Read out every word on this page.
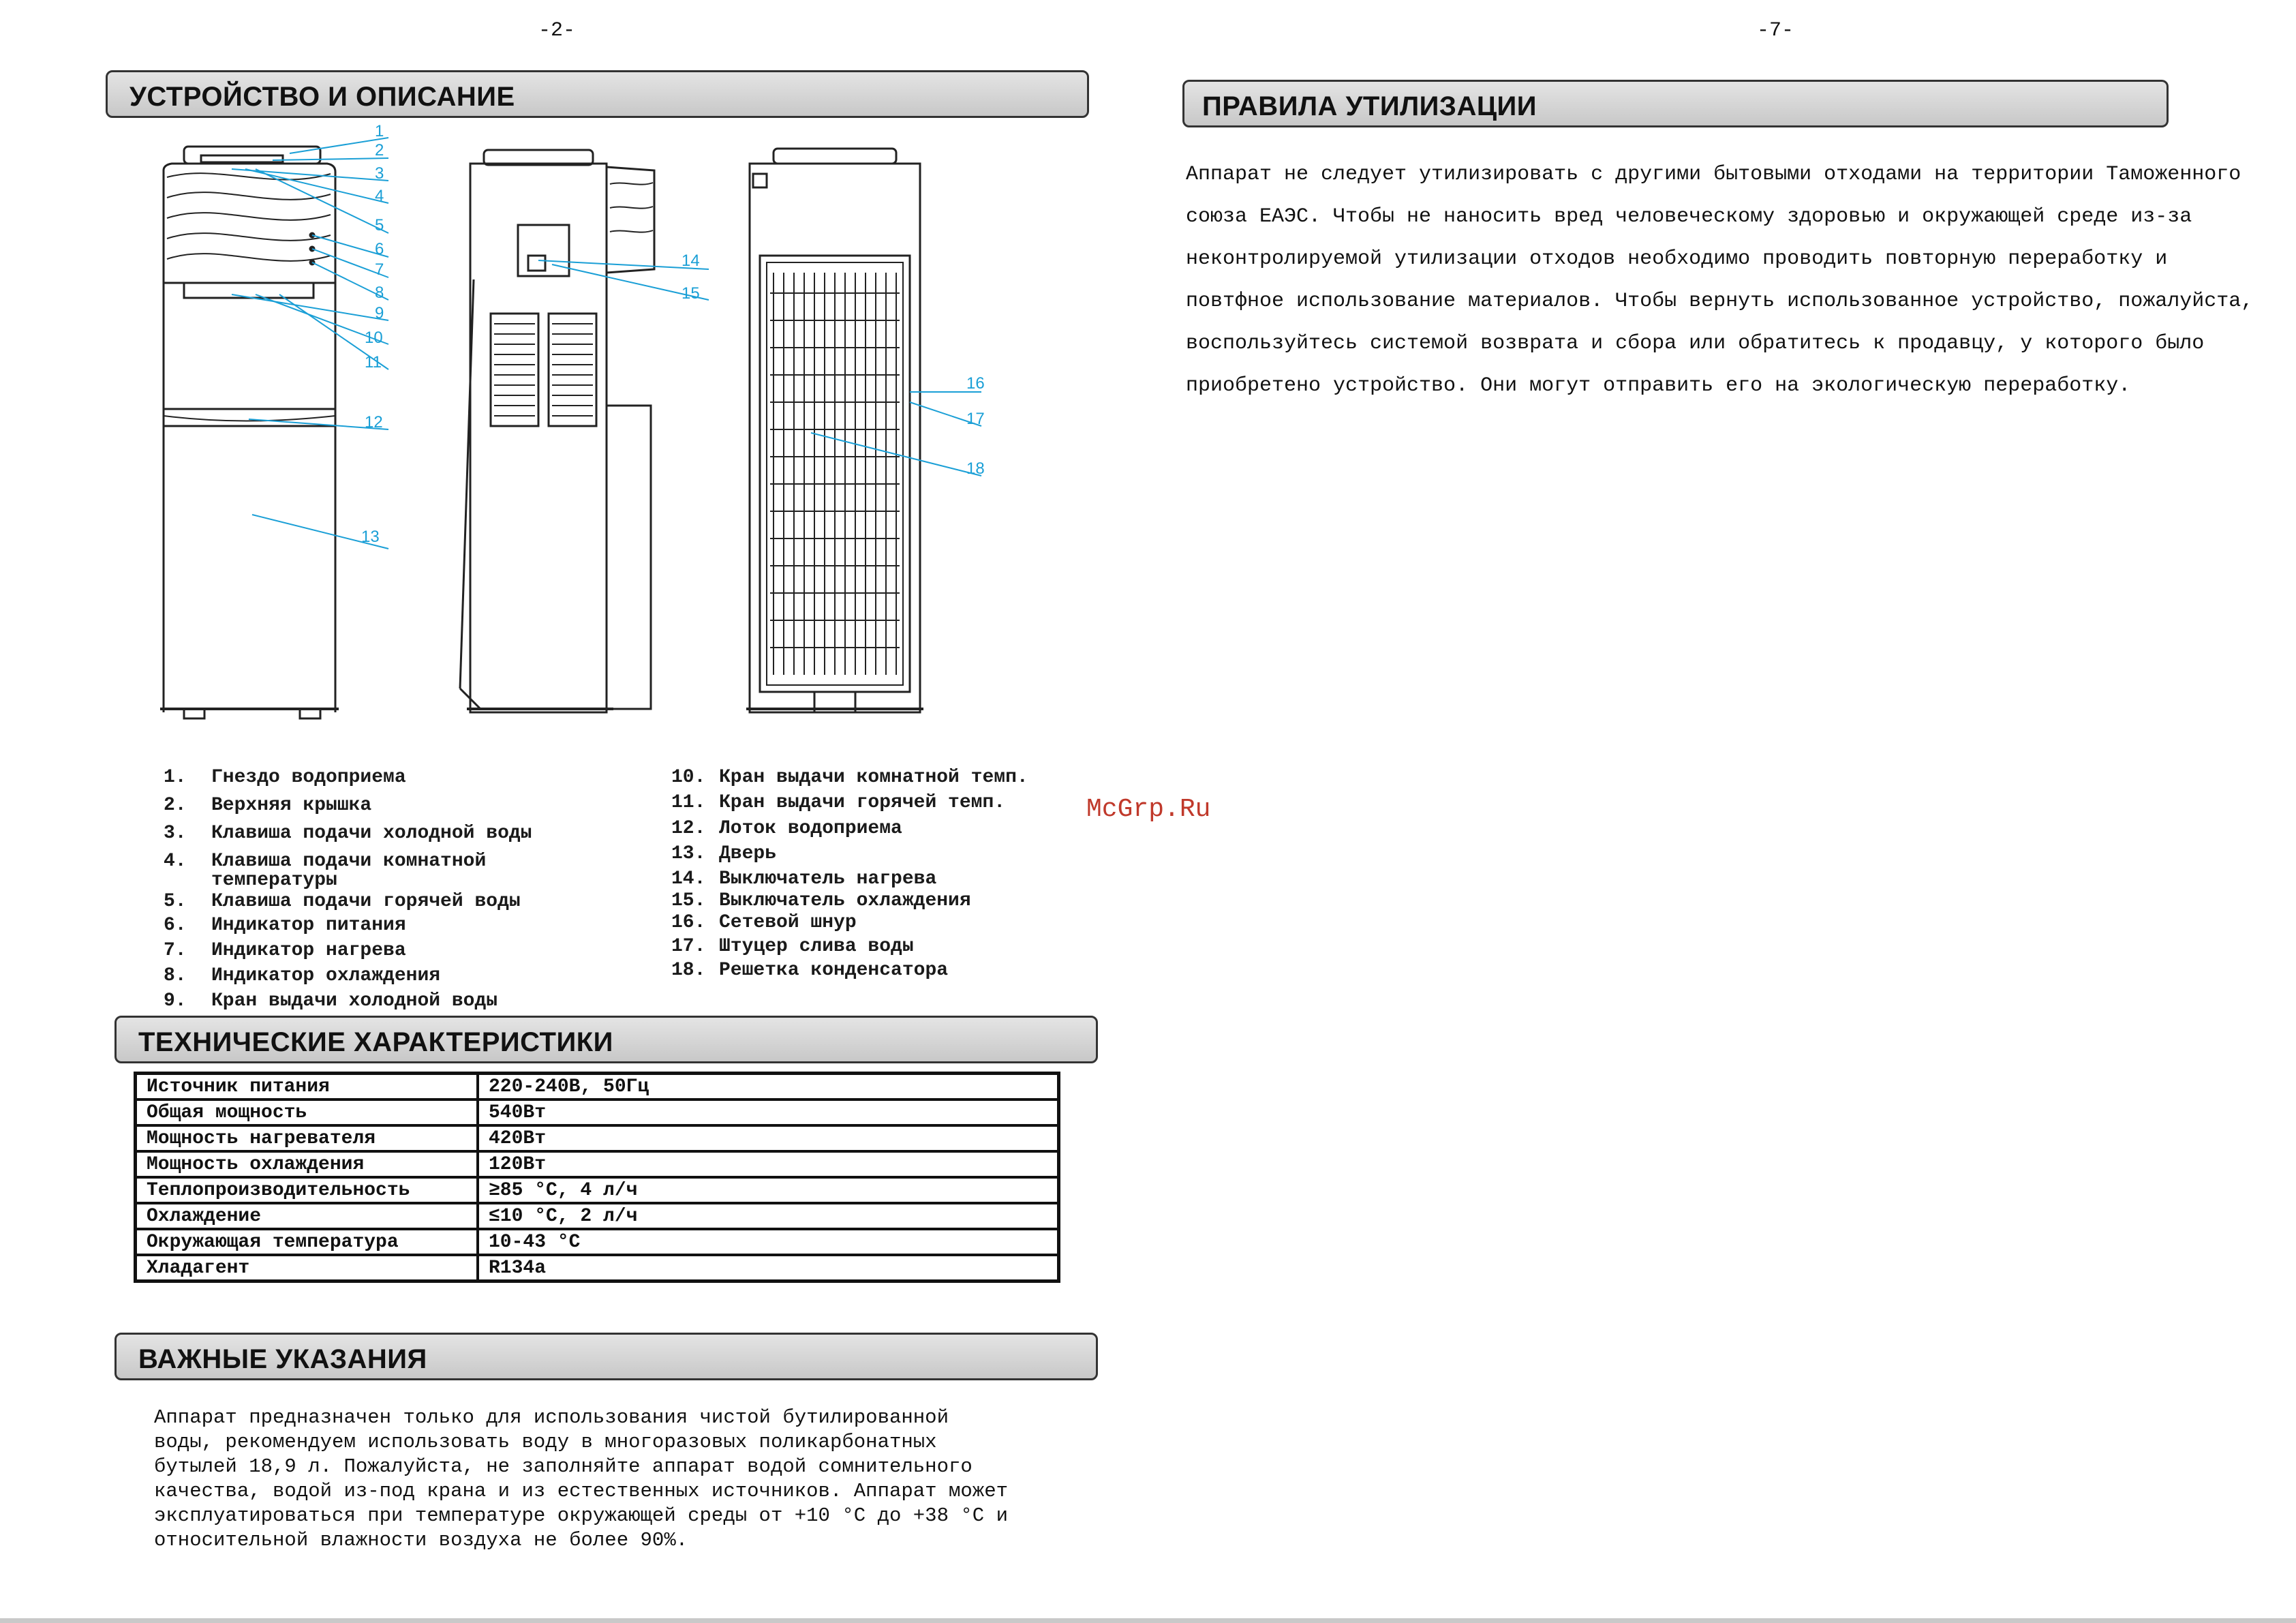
-2-	-7-
УСТРОЙСТВО И ОПИСАНИЕ
1
2
3
4
5
6
7
8
9
10
11
12
13
14
15
16
17
18
1. Гнездо водоприема
2. Верхняя крышка
3. Клавиша подачи холодной воды
4. Клавиша подачи комнатной
температуры
5. Клавиша подачи горячей воды
6. Индикатор питания
7. Индикатор нагрева
8. Индикатор охлаждения
9. Кран выдачи холодной воды
10. Кран выдачи комнатной темп.
11. Кран выдачи горячей темп.
12. Лоток водоприема
13. Дверь
14. Выключатель нагрева
15. Выключатель охлаждения
16. Сетевой шнур
17. Штуцер слива воды
18. Решетка конденсатора
McGrp.Ru
ТЕХНИЧЕСКИЕ ХАРАКТЕРИСТИКИ
Источник питания	220-240В, 50Гц
Общая мощность	540Вт
Мощность нагревателя	420Вт
Мощность охлаждения	120Вт
Теплопроизводительность	≥85 °C, 4 л/ч
Охлаждение	≤10 °C, 2 л/ч
Окружающая температура	10-43 °C
Хладагент	R134a
ВАЖНЫЕ УКАЗАНИЯ
Аппарат предназначен только для использования чистой бутилированной
воды, рекомендуем использовать воду в многоразовых поликарбонатных
бутылей 18,9 л. Пожалуйста, не заполняйте аппарат водой сомнительного
качества, водой из-под крана и из естественных источников. Аппарат может
эксплуатироваться при температуре окружающей среды от +10 °C до +38 °C и
относительной влажности воздуха не более 90%.
ПРАВИЛА УТИЛИЗАЦИИ
Аппарат не следует утилизировать с другими бытовыми отходами на территории Таможенного
союза ЕАЭС. Чтобы не наносить вред человеческому здоровью и окружающей среде из-за
неконтролируемой утилизации отходов необходимо проводить повторную переработку и
повтфное использование материалов. Чтобы вернуть использованное устройство, пожалуйста,
воспользуйтесь системой возврата и сбора или обратитесь к продавцу, у которого было
приобретено устройство. Они могут отправить его на экологическую переработку.
